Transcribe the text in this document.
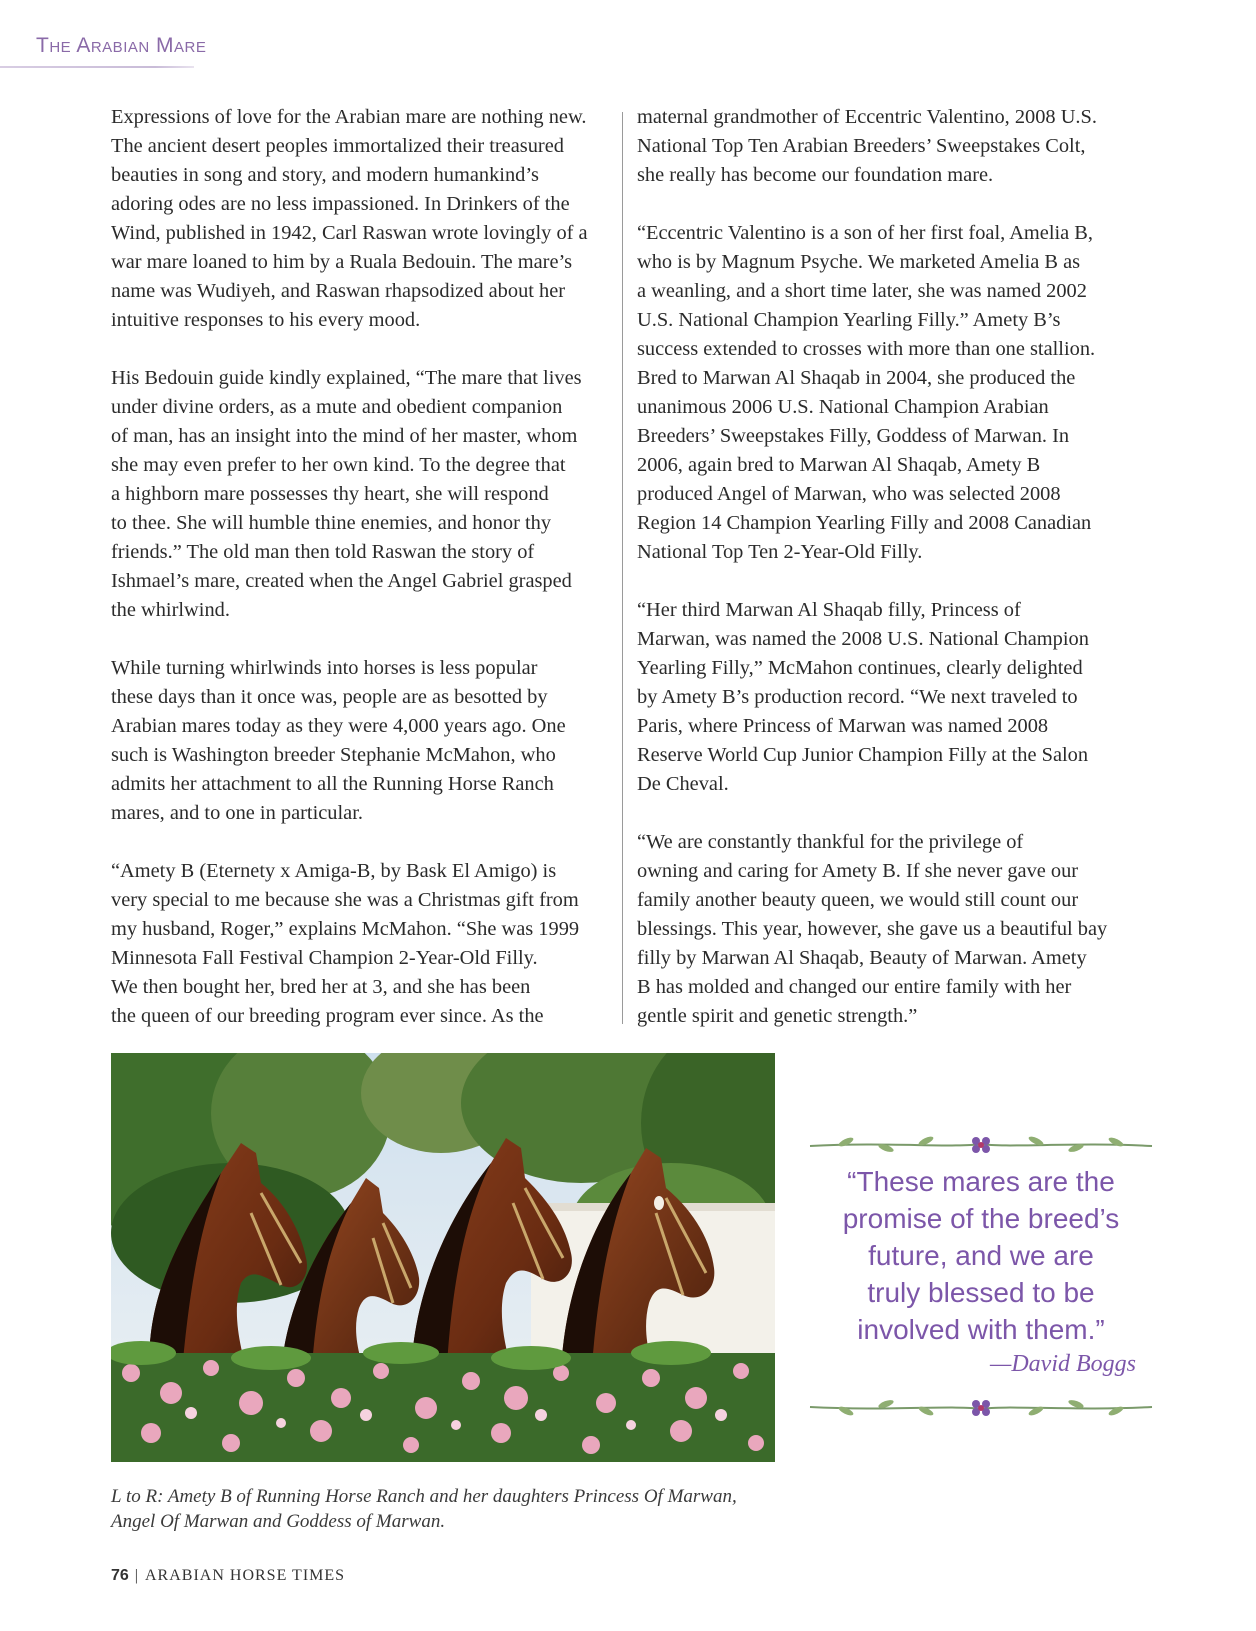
The Arabian Mare

Expressions of love for the Arabian mare are nothing new.
The ancient desert peoples immortalized their treasured
beauties in song and story, and modern humankind’s
adoring odes are no less impassioned. In Drinkers of the
Wind, published in 1942, Carl Raswan wrote lovingly of a
war mare loaned to him by a Ruala Bedouin. The mare’s
name was Wudiyeh, and Raswan rhapsodized about her
intuitive responses to his every mood.

His Bedouin guide kindly explained, “The mare that lives
under divine orders, as a mute and obedient companion
of man, has an insight into the mind of her master, whom
she may even prefer to her own kind. To the degree that
a highborn mare possesses thy heart, she will respond
to thee. She will humble thine enemies, and honor thy
friends.” The old man then told Raswan the story of
Ishmael’s mare, created when the Angel Gabriel grasped
the whirlwind.

While turning whirlwinds into horses is less popular
these days than it once was, people are as besotted by
Arabian mares today as they were 4,000 years ago. One
such is Washington breeder Stephanie McMahon, who
admits her attachment to all the Running Horse Ranch
mares, and to one in particular.

“Amety B (Eternety x Amiga-B, by Bask El Amigo) is
very special to me because she was a Christmas gift from
my husband, Roger,” explains McMahon. “She was 1999
Minnesota Fall Festival Champion 2-Year-Old Filly.
We then bought her, bred her at 3, and she has been
the queen of our breeding program ever since. As the

maternal grandmother of Eccentric Valentino, 2008 U.S.
National Top Ten Arabian Breeders’ Sweepstakes Colt,
she really has become our foundation mare.

“Eccentric Valentino is a son of her first foal, Amelia B,
who is by Magnum Psyche. We marketed Amelia B as
a weanling, and a short time later, she was named 2002
U.S. National Champion Yearling Filly.” Amety B’s
success extended to crosses with more than one stallion.
Bred to Marwan Al Shaqab in 2004, she produced the
unanimous 2006 U.S. National Champion Arabian
Breeders’ Sweepstakes Filly, Goddess of Marwan. In
2006, again bred to Marwan Al Shaqab, Amety B
produced Angel of Marwan, who was selected 2008
Region 14 Champion Yearling Filly and 2008 Canadian
National Top Ten 2-Year-Old Filly.

“Her third Marwan Al Shaqab filly, Princess of
Marwan, was named the 2008 U.S. National Champion
Yearling Filly,” McMahon continues, clearly delighted
by Amety B’s production record. “We next traveled to
Paris, where Princess of Marwan was named 2008
Reserve World Cup Junior Champion Filly at the Salon
De Cheval.

“We are constantly thankful for the privilege of
owning and caring for Amety B. If she never gave our
family another beauty queen, we would still count our
blessings. This year, however, she gave us a beautiful bay
filly by Marwan Al Shaqab, Beauty of Marwan. Amety
B has molded and changed our entire family with her
gentle spirit and genetic strength.”

L to R: Amety B of Running Horse Ranch and her daughters Princess Of Marwan,
Angel Of Marwan and Goddess of Marwan.
“These mares are the
promise of the breed’s
future, and we are
truly blessed to be
involved with them.”
—David Boggs
76 | ARABIAN HORSE TIMES
